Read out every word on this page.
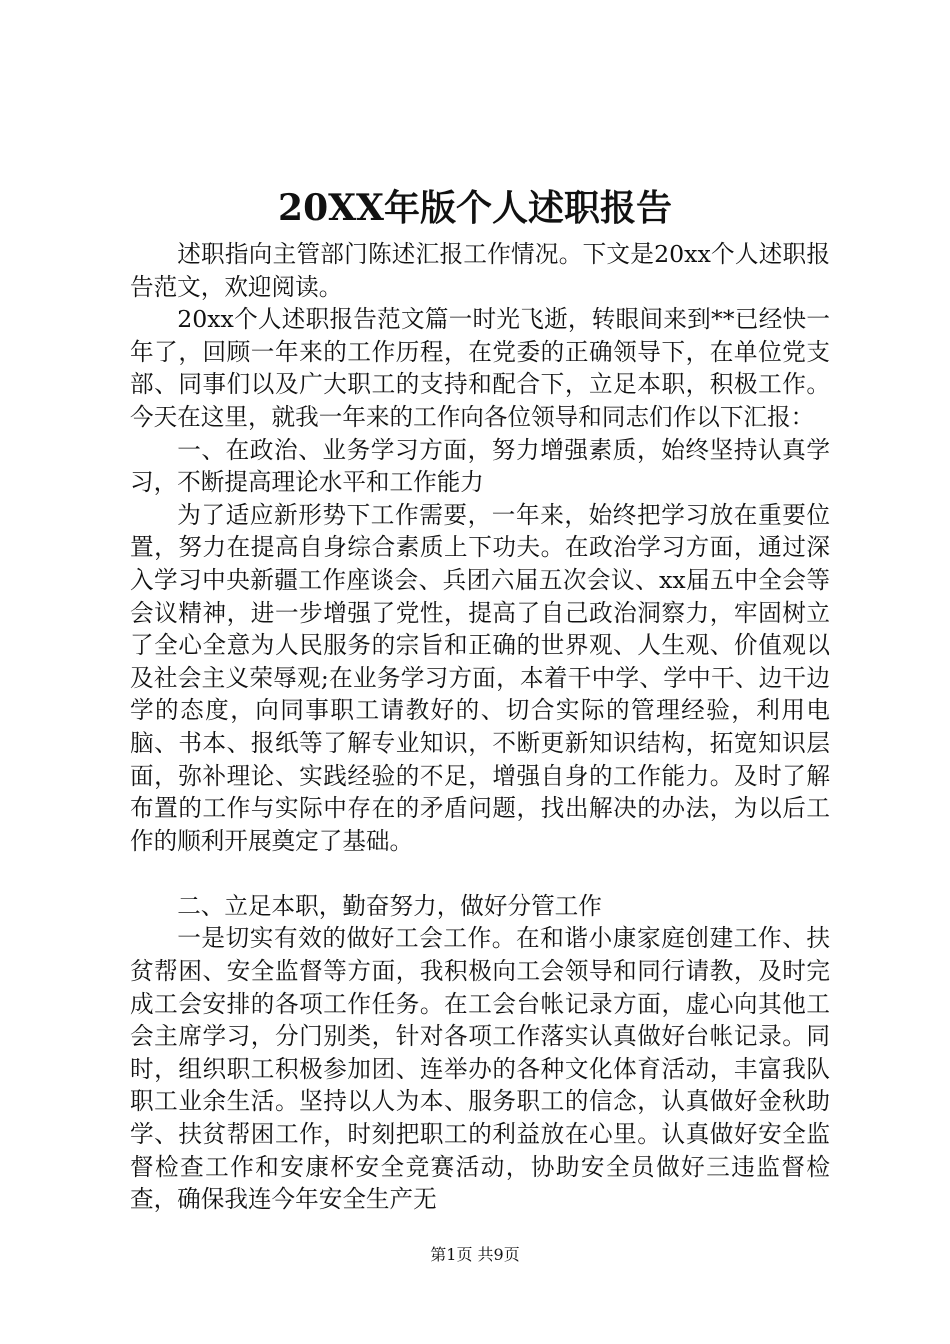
20XX年版个人述职报告

述职指向主管部门陈述汇报工作情况。下文是20xx个人述职报告范文，欢迎阅读。

20xx个人述职报告范文篇一时光飞逝，转眼间来到**已经快一年了，回顾一年来的工作历程，在党委的正确领导下，在单位党支部、同事们以及广大职工的支持和配合下，立足本职，积极工作。今天在这里，就我一年来的工作向各位领导和同志们作以下汇报：

一、在政治、业务学习方面，努力增强素质，始终坚持认真学习，不断提高理论水平和工作能力

为了适应新形势下工作需要，一年来，始终把学习放在重要位置，努力在提高自身综合素质上下功夫。在政治学习方面，通过深入学习中央新疆工作座谈会、兵团六届五次会议、xx届五中全会等会议精神，进一步增强了党性，提高了自己政治洞察力，牢固树立了全心全意为人民服务的宗旨和正确的世界观、人生观、价值观以及社会主义荣辱观;在业务学习方面，本着干中学、学中干、边干边学的态度，向同事职工请教好的、切合实际的管理经验，利用电脑、书本、报纸等了解专业知识，不断更新知识结构，拓宽知识层面，弥补理论、实践经验的不足，增强自身的工作能力。及时了解布置的工作与实际中存在的矛盾问题，找出解决的办法，为以后工作的顺利开展奠定了基础。

二、立足本职，勤奋努力，做好分管工作

一是切实有效的做好工会工作。在和谐小康家庭创建工作、扶贫帮困、安全监督等方面，我积极向工会领导和同行请教，及时完成工会安排的各项工作任务。在工会台帐记录方面，虚心向其他工会主席学习，分门别类，针对各项工作落实认真做好台帐记录。同时，组织职工积极参加团、连举办的各种文化体育活动，丰富我队职工业余生活。坚持以人为本、服务职工的信念，认真做好金秋助学、扶贫帮困工作，时刻把职工的利益放在心里。认真做好安全监督检查工作和安康杯安全竞赛活动，协助安全员做好三违监督检查，确保我连今年安全生产无

第1页 共9页
